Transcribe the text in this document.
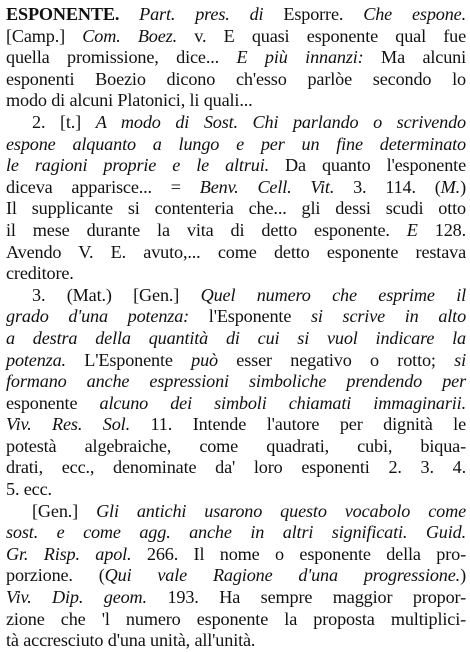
ESPONENTE. Part. pres. di Esporre. Che espone.
[Camp.] Com. Boez. v. E quasi esponente qual fue
quella promissione, dice... E più innanzi: Ma alcuni
esponenti Boezio dicono ch'esso parlòe secondo lo
modo di alcuni Platonici, li quali...
2. [t.] A modo di Sost. Chi parlando o scrivendo
espone alquanto a lungo e per un fine determinato
le ragioni proprie e le altrui. Da quanto l'esponente
diceva apparisce... = Benv. Cell. Vit. 3. 114. (M.)
Il supplicante si contenteria che... gli dessi scudi otto
il mese durante la vita di detto esponente. E 128.
Avendo V. E. avuto,... come detto esponente restava
creditore.
3. (Mat.) [Gen.] Quel numero che esprime il
grado d'una potenza: l'Esponente si scrive in alto
a destra della quantità di cui si vuol indicare la
potenza. L'Esponente può esser negativo o rotto; si
formano anche espressioni simboliche prendendo per
esponente alcuno dei simboli chiamati immaginarii.
Viv. Res. Sol. 11. Intende l'autore per dignità le
potestà algebraiche, come quadrati, cubi, biqua-
drati, ecc., denominate da' loro esponenti 2. 3. 4.
5. ecc.
[Gen.] Gli antichi usarono questo vocabolo come
sost. e come agg. anche in altri significati. Guid.
Gr. Risp. apol. 266. Il nome o esponente della pro-
porzione. (Qui vale Ragione d'una progressione.)
Viv. Dip. geom. 193. Ha sempre maggior propor-
zione che 'l numero esponente la proposta multiplici-
tà accresciuto d'una unità, all'unità.
